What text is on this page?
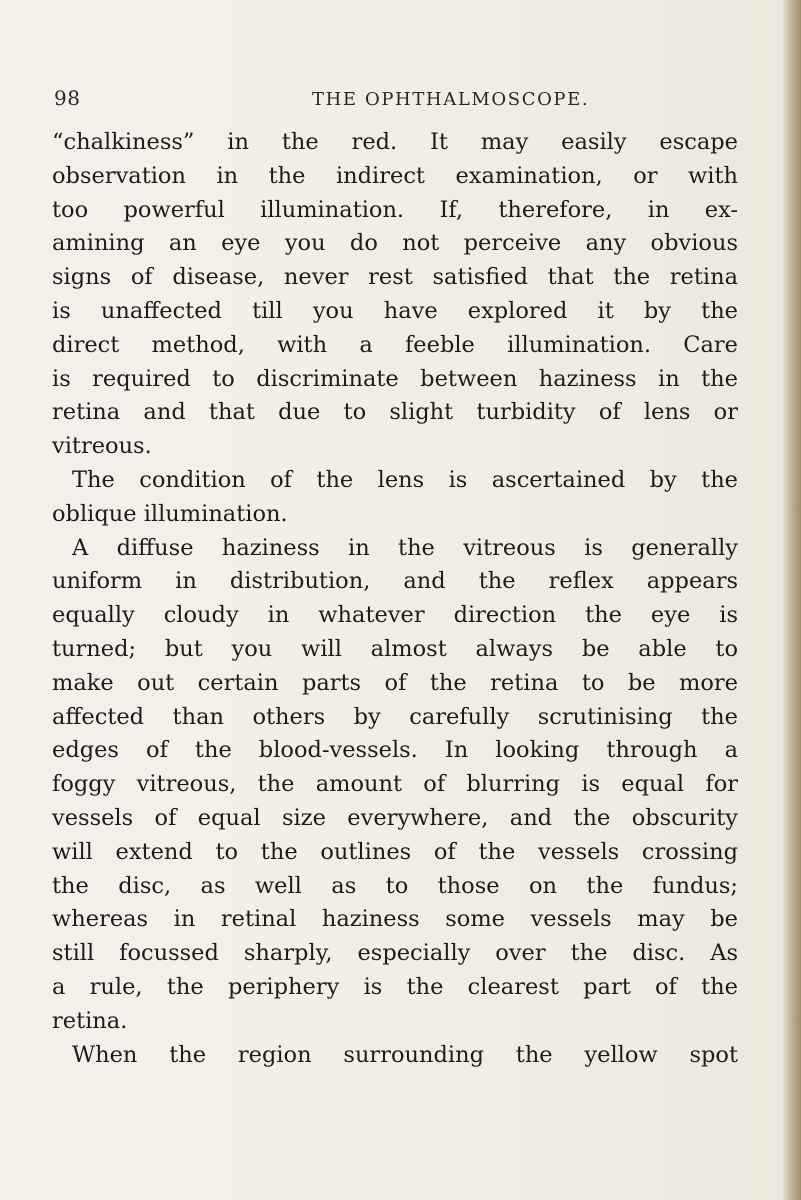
98	THE OPHTHALMOSCOPE.
“chalkiness” in the red. It may easily escape
observation in the indirect examination, or with
too powerful illumination. If, therefore, in ex-
amining an eye you do not perceive any obvious
signs of disease, never rest satisfied that the retina
is unaffected till you have explored it by the
direct method, with a feeble illumination. Care
is required to discriminate between haziness in the
retina and that due to slight turbidity of lens or
vitreous.
The condition of the lens is ascertained by the
oblique illumination.
A diffuse haziness in the vitreous is generally
uniform in distribution, and the reflex appears
equally cloudy in whatever direction the eye is
turned; but you will almost always be able to
make out certain parts of the retina to be more
affected than others by carefully scrutinising the
edges of the blood-vessels. In looking through a
foggy vitreous, the amount of blurring is equal for
vessels of equal size everywhere, and the obscurity
will extend to the outlines of the vessels crossing
the disc, as well as to those on the fundus;
whereas in retinal haziness some vessels may be
still focussed sharply, especially over the disc. As
a rule, the periphery is the clearest part of the
retina.
When the region surrounding the yellow spot
